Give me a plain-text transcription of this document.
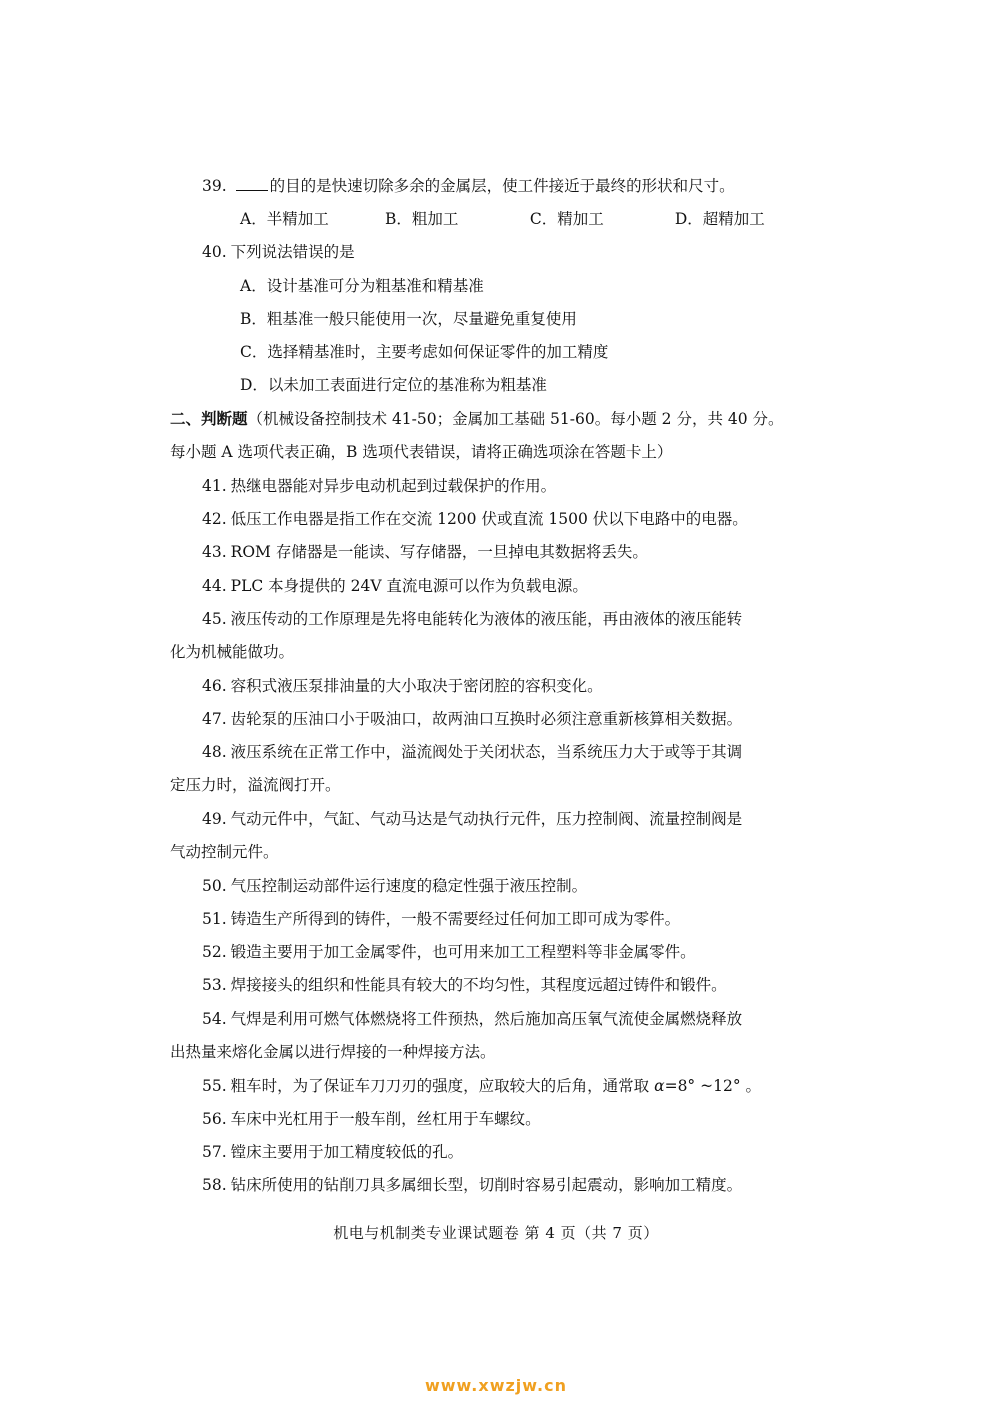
39.	的目的是快速切除多余的金属层，使工件接近于最终的形状和尺寸。
A．半精加工	B．粗加工	C．精加工	D．超精加工
40. 下列说法错误的是
A．设计基准可分为粗基准和精基准
B．粗基准一般只能使用一次，尽量避免重复使用
C．选择精基准时，主要考虑如何保证零件的加工精度
D．以未加工表面进行定位的基准称为粗基准
二、判断题（机械设备控制技术 41-50；金属加工基础 51-60。每小题 2 分，共 40 分。
每小题 A 选项代表正确，B 选项代表错误，请将正确选项涂在答题卡上）
41. 热继电器能对异步电动机起到过载保护的作用。
42. 低压工作电器是指工作在交流 1200 伏或直流 1500 伏以下电路中的电器。
43. ROM 存储器是一能读、写存储器，一旦掉电其数据将丢失。
44. PLC 本身提供的 24V 直流电源可以作为负载电源。
45. 液压传动的工作原理是先将电能转化为液体的液压能，再由液体的液压能转
化为机械能做功。
46. 容积式液压泵排油量的大小取决于密闭腔的容积变化。
47. 齿轮泵的压油口小于吸油口，故两油口互换时必须注意重新核算相关数据。
48. 液压系统在正常工作中，溢流阀处于关闭状态，当系统压力大于或等于其调
定压力时，溢流阀打开。
49. 气动元件中，气缸、气动马达是气动执行元件，压力控制阀、流量控制阀是
气动控制元件。
50. 气压控制运动部件运行速度的稳定性强于液压控制。
51. 铸造生产所得到的铸件，一般不需要经过任何加工即可成为零件。
52. 锻造主要用于加工金属零件，也可用来加工工程塑料等非金属零件。
53. 焊接接头的组织和性能具有较大的不均匀性，其程度远超过铸件和锻件。
54. 气焊是利用可燃气体燃烧将工件预热，然后施加高压氧气流使金属燃烧释放
出热量来熔化金属以进行焊接的一种焊接方法。
55. 粗车时，为了保证车刀刀刃的强度，应取较大的后角，通常取 α=8° ~12° 。
56. 车床中光杠用于一般车削，丝杠用于车螺纹。
57. 镗床主要用于加工精度较低的孔。
58. 钻床所使用的钻削刀具多属细长型，切削时容易引起震动，影响加工精度。
机电与机制类专业课试题卷 第 4 页（共 7 页）
www.xwzjw.cn
